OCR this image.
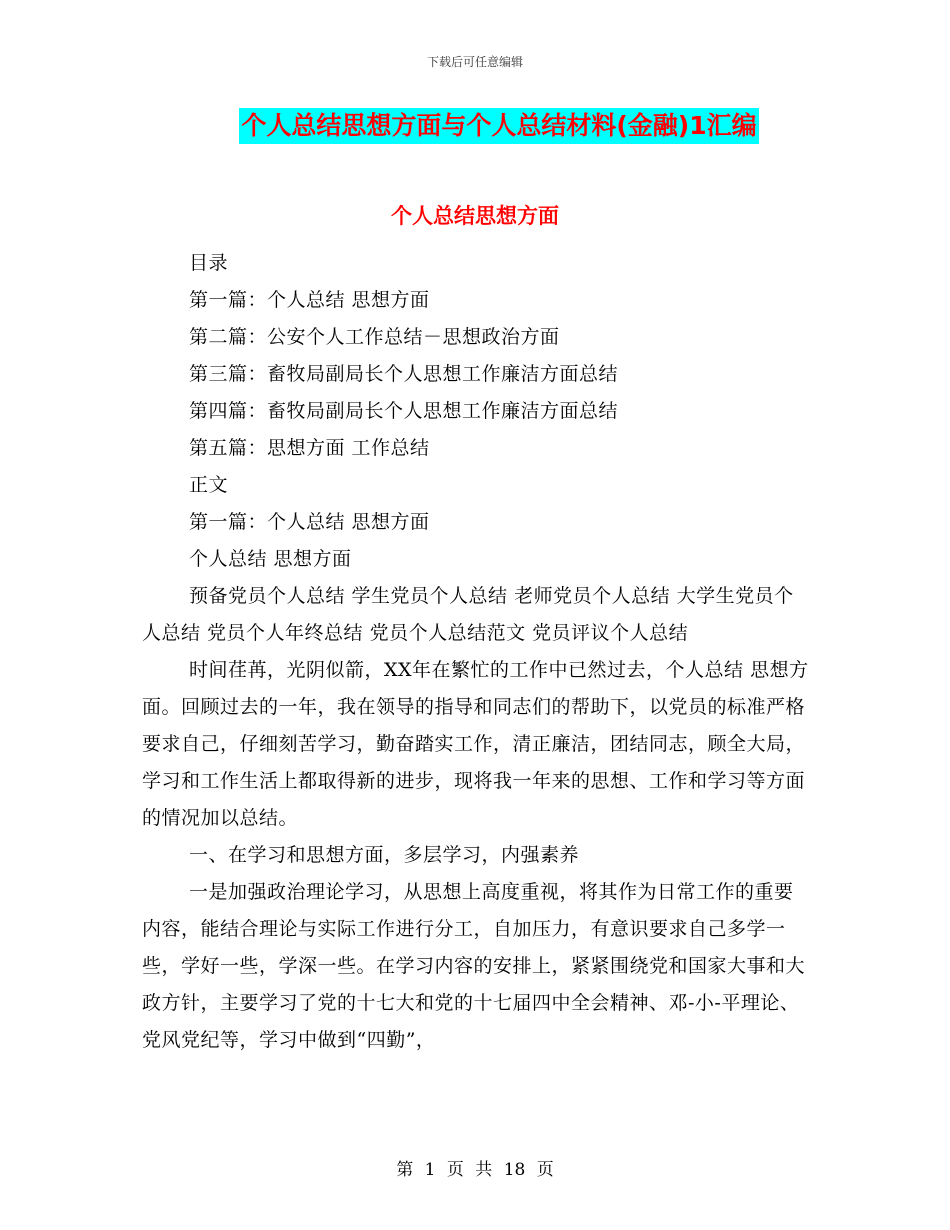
下载后可任意编辑
个人总结思想方面与个人总结材料(金融)1汇编
个人总结思想方面

目录

第一篇：个人总结 思想方面

第二篇：公安个人工作总结－思想政治方面

第三篇：畜牧局副局长个人思想工作廉洁方面总结

第四篇：畜牧局副局长个人思想工作廉洁方面总结

第五篇：思想方面 工作总结

正文

第一篇：个人总结 思想方面

个人总结 思想方面

预备党员个人总结 学生党员个人总结 老师党员个人总结 大学生党员个人总结 党员个人年终总结 党员个人总结范文 党员评议个人总结

时间荏苒，光阴似箭，XX年在繁忙的工作中已然过去，个人总结 思想方面。回顾过去的一年，我在领导的指导和同志们的帮助下，以党员的标准严格要求自己，仔细刻苦学习，勤奋踏实工作，清正廉洁，团结同志，顾全大局，学习和工作生活上都取得新的进步，现将我一年来的思想、工作和学习等方面的情况加以总结。

一、在学习和思想方面，多层学习，内强素养

一是加强政治理论学习，从思想上高度重视，将其作为日常工作的重要内容，能结合理论与实际工作进行分工，自加压力，有意识要求自己多学一些，学好一些，学深一些。在学习内容的安排上，紧紧围绕党和国家大事和大政方针，主要学习了党的十七大和党的十七届四中全会精神、邓-小-平理论、党风党纪等，学习中做到“四勤”，

第 1 页 共 18 页
